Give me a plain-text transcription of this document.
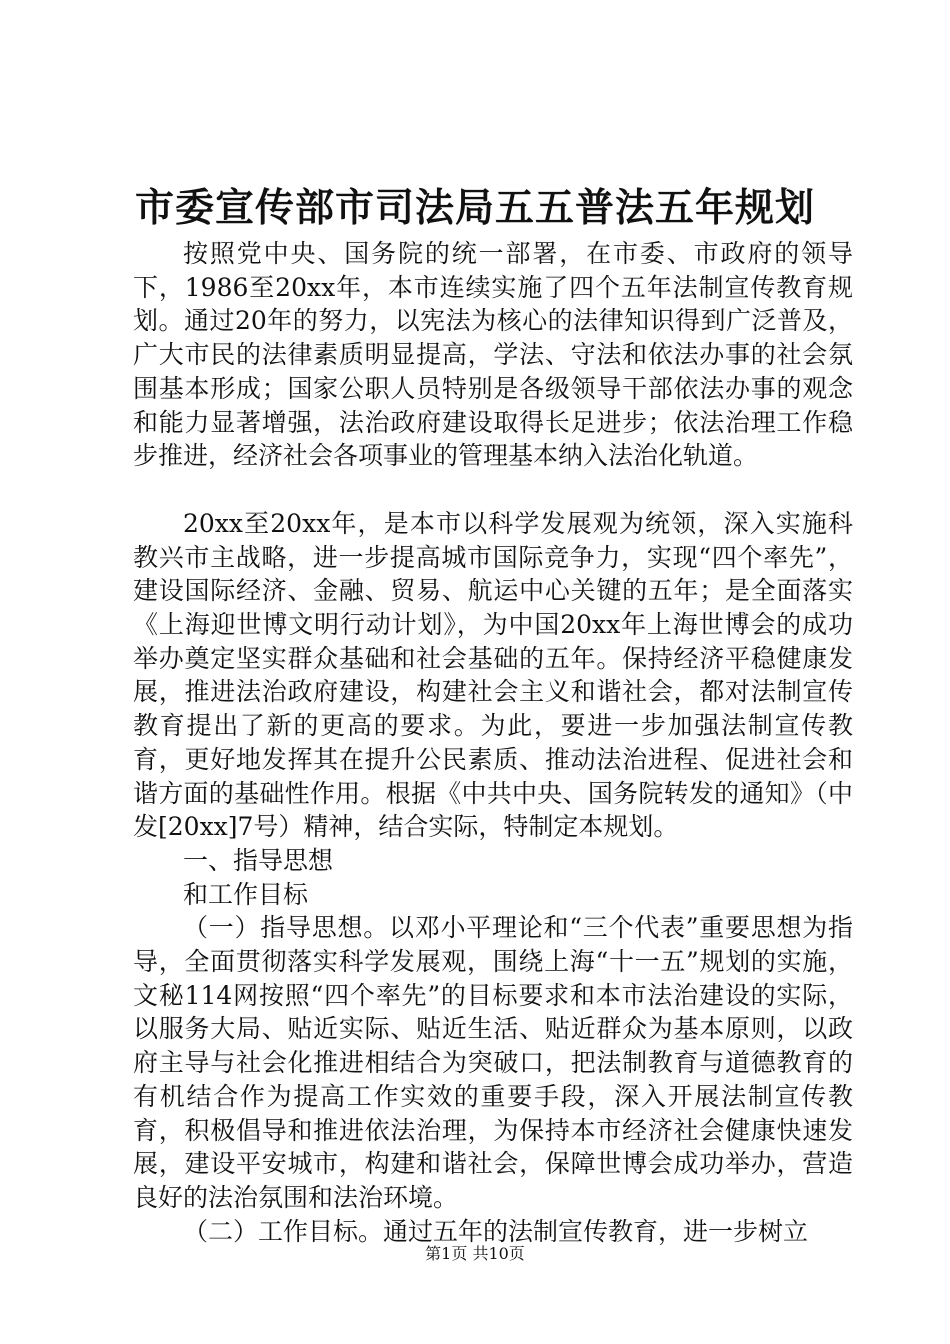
市委宣传部市司法局五五普法五年规划

按照党中央、国务院的统一部署，在市委、市政府的领导下，1986至20xx年，本市连续实施了四个五年法制宣传教育规划。通过20年的努力，以宪法为核心的法律知识得到广泛普及，广大市民的法律素质明显提高，学法、守法和依法办事的社会氛围基本形成；国家公职人员特别是各级领导干部依法办事的观念和能力显著增强，法治政府建设取得长足进步；依法治理工作稳步推进，经济社会各项事业的管理基本纳入法治化轨道。

20xx至20xx年，是本市以科学发展观为统领，深入实施科教兴市主战略，进一步提高城市国际竞争力，实现“四个率先”，建设国际经济、金融、贸易、航运中心关键的五年；是全面落实《上海迎世博文明行动计划》，为中国20xx年上海世博会的成功举办奠定坚实群众基础和社会基础的五年。保持经济平稳健康发展，推进法治政府建设，构建社会主义和谐社会，都对法制宣传教育提出了新的更高的要求。为此，要进一步加强法制宣传教育，更好地发挥其在提升公民素质、推动法治进程、促进社会和谐方面的基础性作用。根据《中共中央、国务院转发的通知》（中发[20xx]7号）精神，结合实际，特制定本规划。

一、指导思想

和工作目标

（一）指导思想。以邓小平理论和“三个代表”重要思想为指导，全面贯彻落实科学发展观，围绕上海“十一五”规划的实施，文秘114网按照“四个率先”的目标要求和本市法治建设的实际，以服务大局、贴近实际、贴近生活、贴近群众为基本原则，以政府主导与社会化推进相结合为突破口，把法制教育与道德教育的有机结合作为提高工作实效的重要手段，深入开展法制宣传教育，积极倡导和推进依法治理，为保持本市经济社会健康快速发展，建设平安城市，构建和谐社会，保障世博会成功举办，营造良好的法治氛围和法治环境。

（二）工作目标。通过五年的法制宣传教育，进一步树立

第1页 共10页
